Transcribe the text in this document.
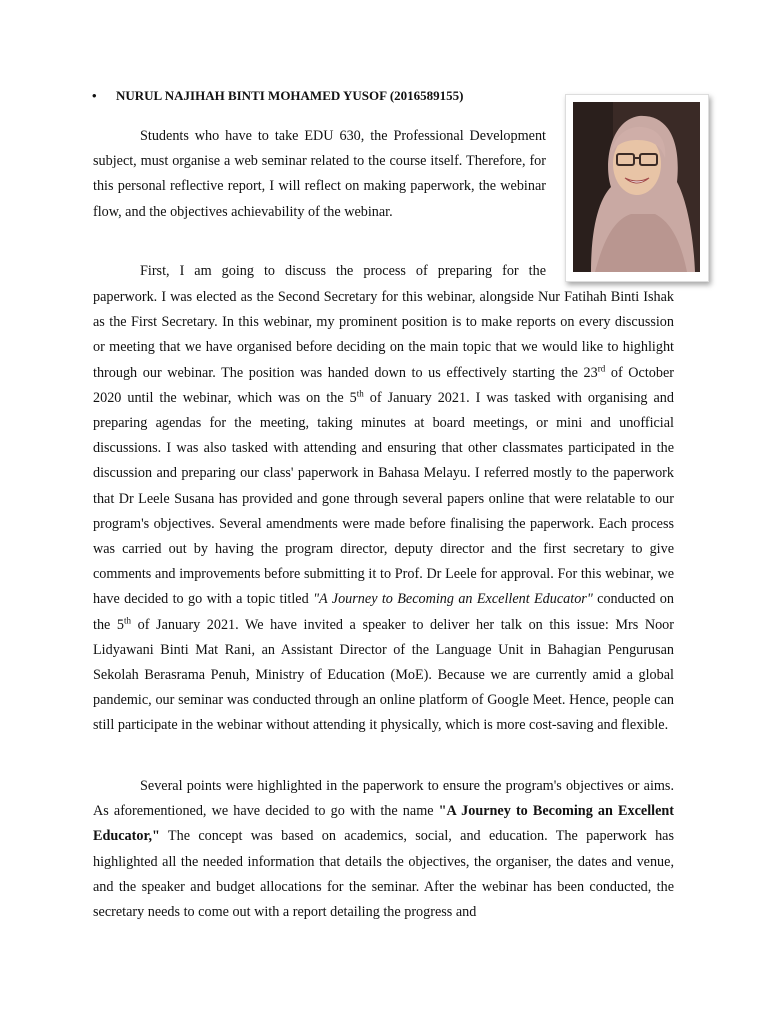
• NURUL NAJIHAH BINTI MOHAMED YUSOF (2016589155)

Students who have to take EDU 630, the Professional Development subject, must organise a web seminar related to the course itself. Therefore, for this personal reflective report, I will reflect on making paperwork, the webinar flow, and the objectives achievability of the webinar.

First, I am going to discuss the process of preparing for the

paperwork. I was elected as the Second Secretary for this webinar, alongside Nur Fatihah Binti Ishak as the First Secretary. In this webinar, my prominent position is to make reports on every discussion or meeting that we have organised before deciding on the main topic that we would like to highlight through our webinar. The position was handed down to us effectively starting the 23rd of October 2020 until the webinar, which was on the 5th of January 2021. I was tasked with organising and preparing agendas for the meeting, taking minutes at board meetings, or mini and unofficial discussions. I was also tasked with attending and ensuring that other classmates participated in the discussion and preparing our class' paperwork in Bahasa Melayu. I referred mostly to the paperwork that Dr Leele Susana has provided and gone through several papers online that were relatable to our program's objectives. Several amendments were made before finalising the paperwork. Each process was carried out by having the program director, deputy director and the first secretary to give comments and improvements before submitting it to Prof. Dr Leele for approval. For this webinar, we have decided to go with a topic titled "A Journey to Becoming an Excellent Educator" conducted on the 5th of January 2021. We have invited a speaker to deliver her talk on this issue: Mrs Noor Lidyawani Binti Mat Rani, an Assistant Director of the Language Unit in Bahagian Pengurusan Sekolah Berasrama Penuh, Ministry of Education (MoE). Because we are currently amid a global pandemic, our seminar was conducted through an online platform of Google Meet. Hence, people can still participate in the webinar without attending it physically, which is more cost-saving and flexible.

Several points were highlighted in the paperwork to ensure the program's objectives or aims. As aforementioned, we have decided to go with the name "A Journey to Becoming an Excellent Educator," The concept was based on academics, social, and education. The paperwork has highlighted all the needed information that details the objectives, the organiser, the dates and venue, and the speaker and budget allocations for the seminar. After the webinar has been conducted, the secretary needs to come out with a report detailing the progress and
